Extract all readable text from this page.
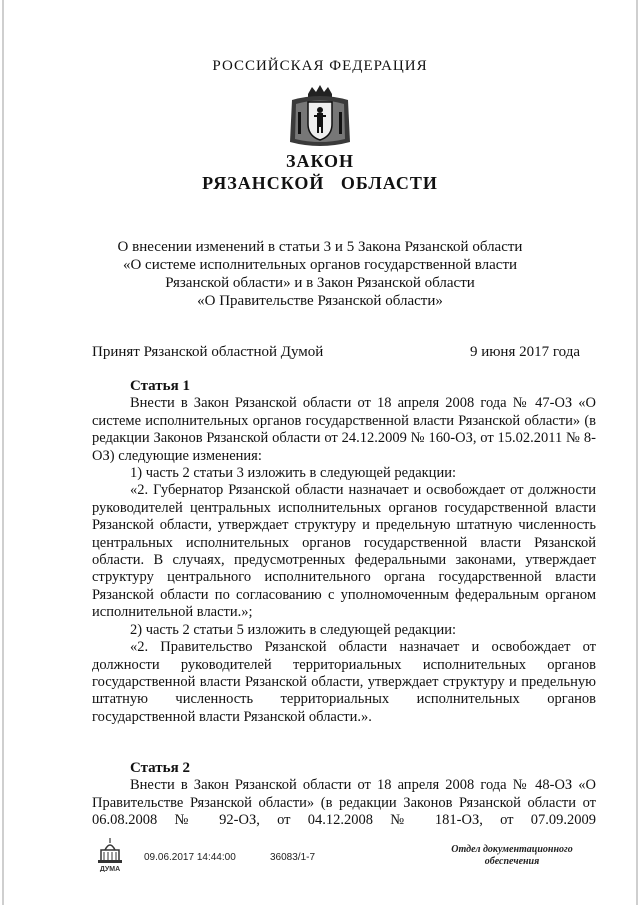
РОССИЙСКАЯ ФЕДЕРАЦИЯ
ЗАКОН
РЯЗАНСКОЙ   ОБЛАСТИ
О внесении изменений в статьи 3 и 5 Закона Рязанской области
«О системе исполнительных органов государственной власти
Рязанской области» и в Закон Рязанской области
«О Правительстве Рязанской области»
Принят Рязанской областной Думой	9 июня 2017 года

Статья 1

Внести в Закон Рязанской области от 18 апреля 2008 года № 47-ОЗ «О системе исполнительных органов государственной власти Рязанской области» (в редакции Законов Рязанской области от 24.12.2009 № 160-ОЗ, от 15.02.2011 № 8-ОЗ) следующие изменения:

1) часть 2 статьи 3 изложить в следующей редакции:

«2. Губернатор Рязанской области назначает и освобождает от должности руководителей центральных исполнительных органов государственной власти Рязанской области, утверждает структуру и предельную штатную численность центральных исполнительных органов государственной власти Рязанской области. В случаях, предусмотренных федеральными законами, утверждает структуру центрального исполнительного органа государственной власти Рязанской области по согласованию с уполномоченным федеральным органом исполнительной власти.»;

2) часть 2 статьи 5 изложить в следующей редакции:

«2. Правительство Рязанской области назначает и освобождает от должности руководителей территориальных исполнительных органов государственной власти Рязанской области, утверждает структуру и предельную штатную численность территориальных исполнительных органов государственной власти Рязанской области.».

Статья 2

Внести в Закон Рязанской области от 18 апреля 2008 года № 48-ОЗ «О Правительстве Рязанской области» (в редакции Законов Рязанской области от 06.08.2008 № 92-ОЗ, от 04.12.2008 № 181-ОЗ, от 07.09.2009

ДУМА
09.06.2017 14:44:00	36083/1-7
Отдел документационного
обеспечения
